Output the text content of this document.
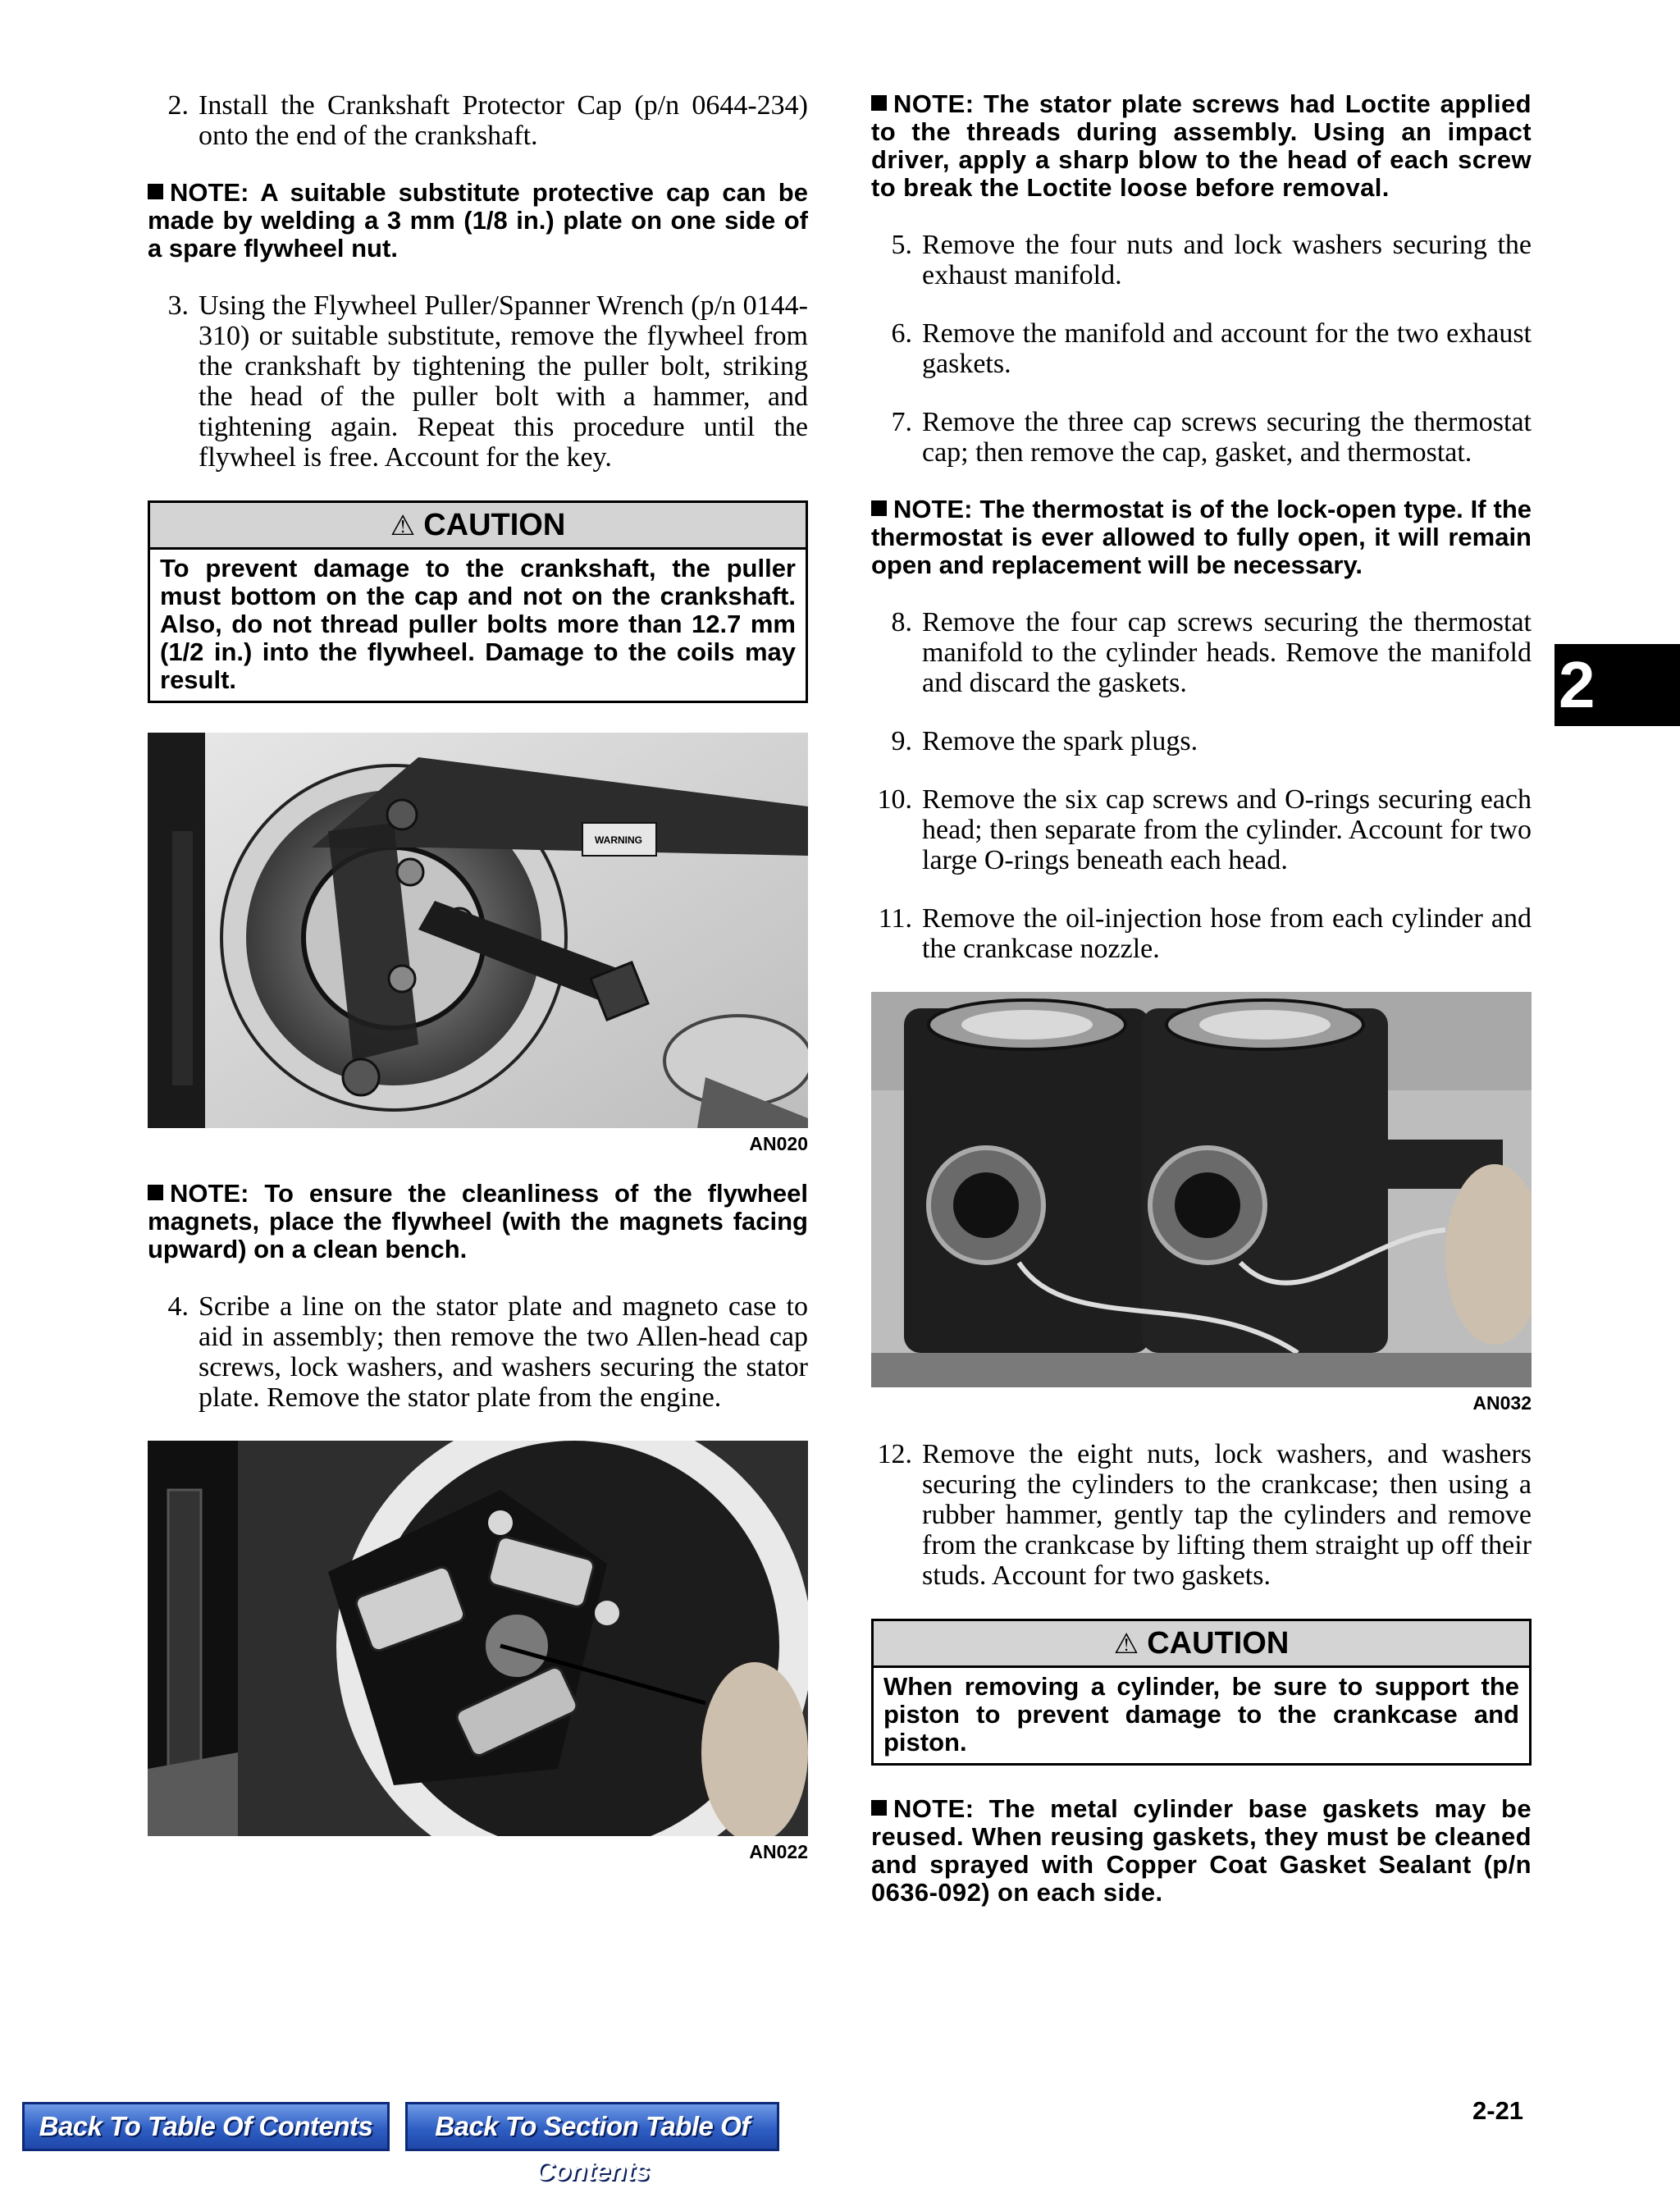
2. Install the Crankshaft Protector Cap (p/n 0644-234) onto the end of the crankshaft.
NOTE: A suitable substitute protective cap can be made by welding a 3 mm (1/8 in.) plate on one side of a spare flywheel nut.
3. Using the Flywheel Puller/Spanner Wrench (p/n 0144-310) or suitable substitute, remove the flywheel from the crankshaft by tightening the puller bolt, striking the head of the puller bolt with a hammer, and tightening again. Repeat this procedure until the flywheel is free. Account for the key.
⚠ CAUTION
To prevent damage to the crankshaft, the puller must bottom on the cap and not on the crankshaft. Also, do not thread puller bolts more than 12.7 mm (1/2 in.) into the flywheel. Damage to the coils may result.
WARNING
AN020
NOTE: To ensure the cleanliness of the flywheel magnets, place the flywheel (with the magnets facing upward) on a clean bench.
4. Scribe a line on the stator plate and magneto case to aid in assembly; then remove the two Allen-head cap screws, lock washers, and washers securing the stator plate. Remove the stator plate from the engine.
AN022
NOTE: The stator plate screws had Loctite applied to the threads during assembly. Using an impact driver, apply a sharp blow to the head of each screw to break the Loctite loose before removal.
5. Remove the four nuts and lock washers securing the exhaust manifold.
6. Remove the manifold and account for the two exhaust gaskets.
7. Remove the three cap screws securing the thermostat cap; then remove the cap, gasket, and thermostat.
NOTE: The thermostat is of the lock-open type. If the thermostat is ever allowed to fully open, it will remain open and replacement will be necessary.
8. Remove the four cap screws securing the thermostat manifold to the cylinder heads. Remove the manifold and discard the gaskets.
9. Remove the spark plugs.
10. Remove the six cap screws and O-rings securing each head; then separate from the cylinder. Account for two large O-rings beneath each head.
11. Remove the oil-injection hose from each cylinder and the crankcase nozzle.
AN032
12. Remove the eight nuts, lock washers, and washers securing the cylinders to the crankcase; then using a rubber hammer, gently tap the cylinders and remove from the crankcase by lifting them straight up off their studs. Account for two gaskets.
⚠ CAUTION
When removing a cylinder, be sure to support the piston to prevent damage to the crankcase and piston.
NOTE: The metal cylinder base gaskets may be reused. When reusing gaskets, they must be cleaned and sprayed with Copper Coat Gasket Sealant (p/n 0636-092) on each side.
2
Back To Table Of Contents	Back To Section Table Of Contents
2-21
